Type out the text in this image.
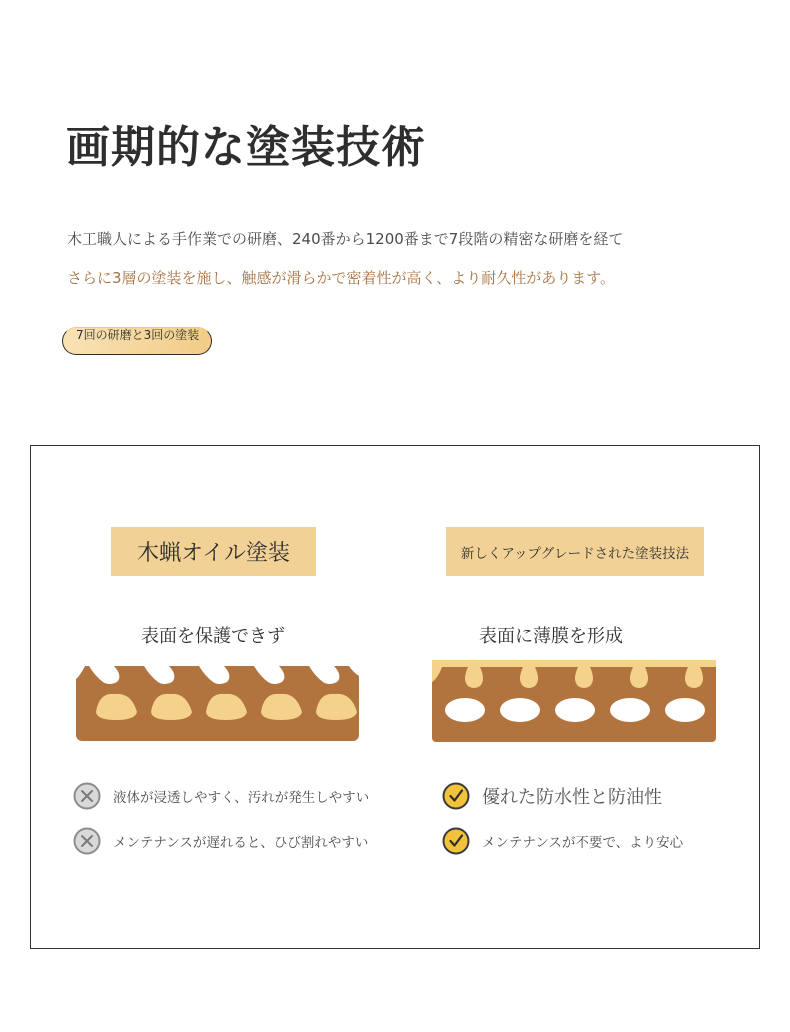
画期的な塗装技術
木工職人による手作業での研磨、240番から1200番まで7段階の精密な研磨を経て
さらに3層の塗装を施し、触感が滑らかで密着性が高く、より耐久性があります。
7回の研磨と3回の塗装
木蝋オイル塗装	新しくアップグレードされた塗装技法
表面を保護できず	表面に薄膜を形成
液体が浸透しやすく、汚れが発生しやすい
メンテナンスが遅れると、ひび割れやすい
優れた防水性と防油性
メンテナンスが不要で、より安心
